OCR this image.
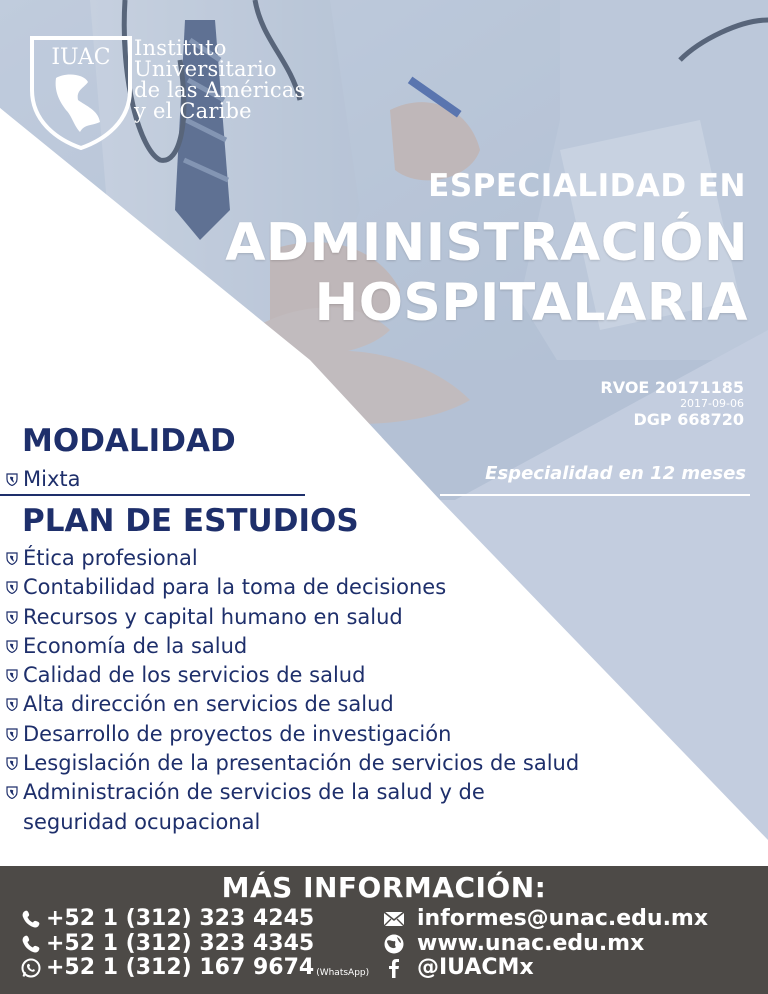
IUAC Instituto
Universitario
de las Américas
y el Caribe
ESPECIALIDAD EN
ADMINISTRACIÓN
HOSPITALARIA
RVOE 20171185
2017-09-06
DGP 668720
Especialidad en 12 meses
MODALIDAD
Mixta
PLAN DE ESTUDIOS
Ética profesional
Contabilidad para la toma de decisiones
Recursos y capital humano en salud
Economía de la salud
Calidad de los servicios de salud
Alta dirección en servicios de salud
Desarrollo de proyectos de investigación
Lesgislación de la presentación de servicios de salud
Administración de servicios de la salud y de seguridad ocupacional
MÁS INFORMACIÓN:
+52 1 (312) 323 4245
+52 1 (312) 323 4345
+52 1 (312) 167 9674 (WhatsApp)
informes@unac.edu.mx
www.unac.edu.mx
@IUACMx
